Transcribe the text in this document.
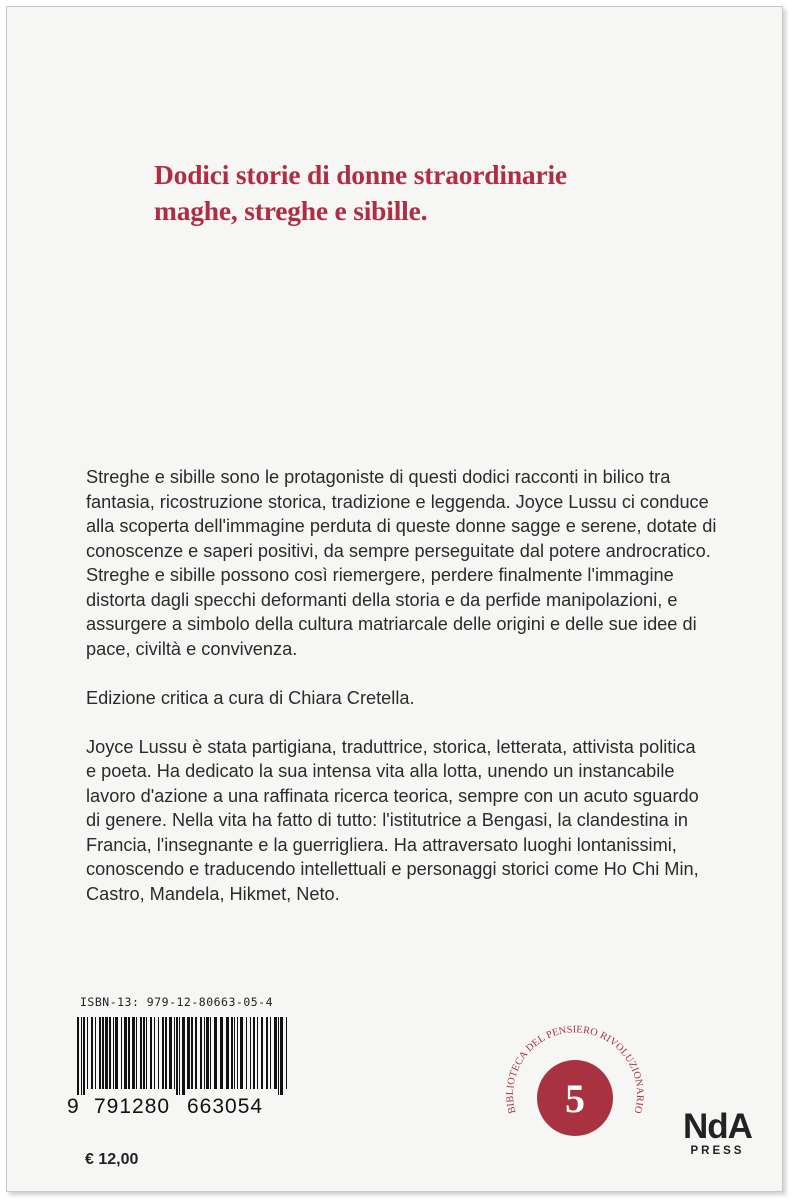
Dodici storie di donne straordinarie
maghe, streghe e sibille.

Streghe e sibille sono le protagoniste di questi dodici racconti in bilico tra
fantasia, ricostruzione storica, tradizione e leggenda. Joyce Lussu ci conduce
alla scoperta dell'immagine perduta di queste donne sagge e serene, dotate di
conoscenze e saperi positivi, da sempre perseguitate dal potere androcratico.
Streghe e sibille possono così riemergere, perdere finalmente l'immagine
distorta dagli specchi deformanti della storia e da perfide manipolazioni, e
assurgere a simbolo della cultura matriarcale delle origini e delle sue idee di
pace, civiltà e convivenza.

Edizione critica a cura di Chiara Cretella.

Joyce Lussu è stata partigiana, traduttrice, storica, letterata, attivista politica
e poeta. Ha dedicato la sua intensa vita alla lotta, unendo un instancabile
lavoro d'azione a una raffinata ricerca teorica, sempre con un acuto sguardo
di genere. Nella vita ha fatto di tutto: l'istitutrice a Bengasi, la clandestina in
Francia, l'insegnante e la guerrigliera. Ha attraversato luoghi lontanissimi,
conoscendo e traducendo intellettuali e personaggi storici come Ho Chi Min,
Castro, Mandela, Hikmet, Neto.

ISBN-13: 979-12-80663-05-4
9 791280 663054
€ 12,00
5
BIBLIOTECA DEL PENSIERO RIVOLUZIONARIO NdA
PRESS
